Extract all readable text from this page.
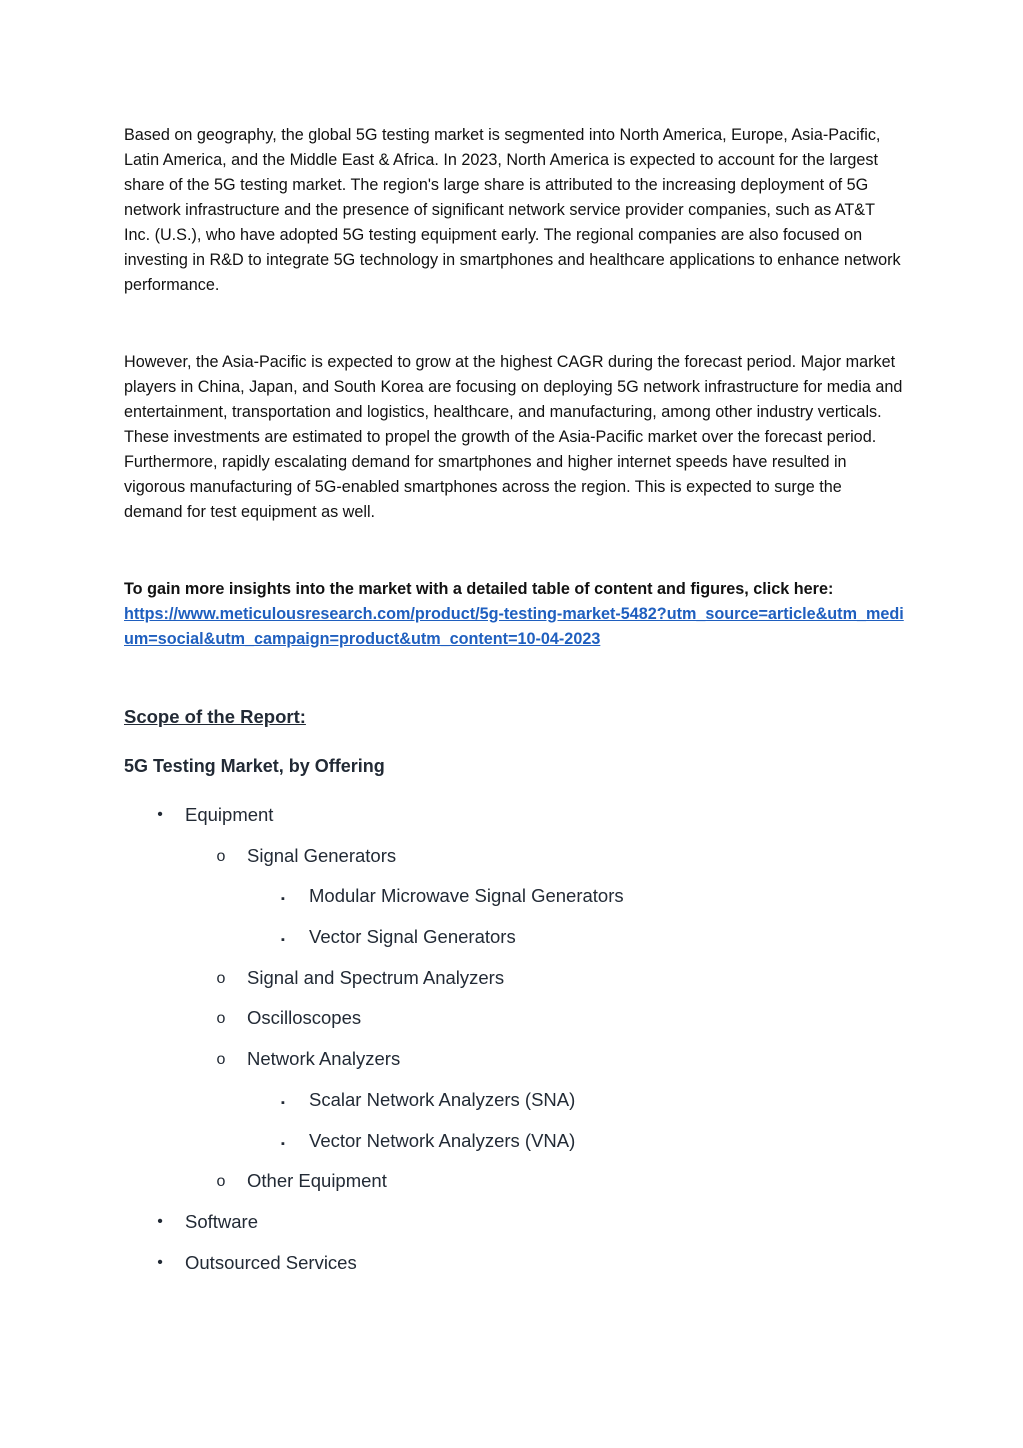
Based on geography, the global 5G testing market is segmented into North America, Europe, Asia-Pacific, Latin America, and the Middle East & Africa. In 2023, North America is expected to account for the largest share of the 5G testing market. The region's large share is attributed to the increasing deployment of 5G network infrastructure and the presence of significant network service provider companies, such as AT&T Inc. (U.S.), who have adopted 5G testing equipment early. The regional companies are also focused on investing in R&D to integrate 5G technology in smartphones and healthcare applications to enhance network performance.

However, the Asia-Pacific is expected to grow at the highest CAGR during the forecast period. Major market players in China, Japan, and South Korea are focusing on deploying 5G network infrastructure for media and entertainment, transportation and logistics, healthcare, and manufacturing, among other industry verticals. These investments are estimated to propel the growth of the Asia-Pacific market over the forecast period. Furthermore, rapidly escalating demand for smartphones and higher internet speeds have resulted in vigorous manufacturing of 5G-enabled smartphones across the region. This is expected to surge the demand for test equipment as well.

To gain more insights into the market with a detailed table of content and figures, click here:
https://www.meticulousresearch.com/product/5g-testing-market-5482?utm_source=article&utm_medium=social&utm_campaign=product&utm_content=10-04-2023
Scope of the Report:
5G Testing Market, by Offering
• Equipment
o Signal Generators
▪	Modular Microwave Signal Generators
▪	Vector Signal Generators
o Signal and Spectrum Analyzers
o Oscilloscopes
o Network Analyzers
▪	Scalar Network Analyzers (SNA)
▪	Vector Network Analyzers (VNA)
o Other Equipment
• Software
• Outsourced Services
